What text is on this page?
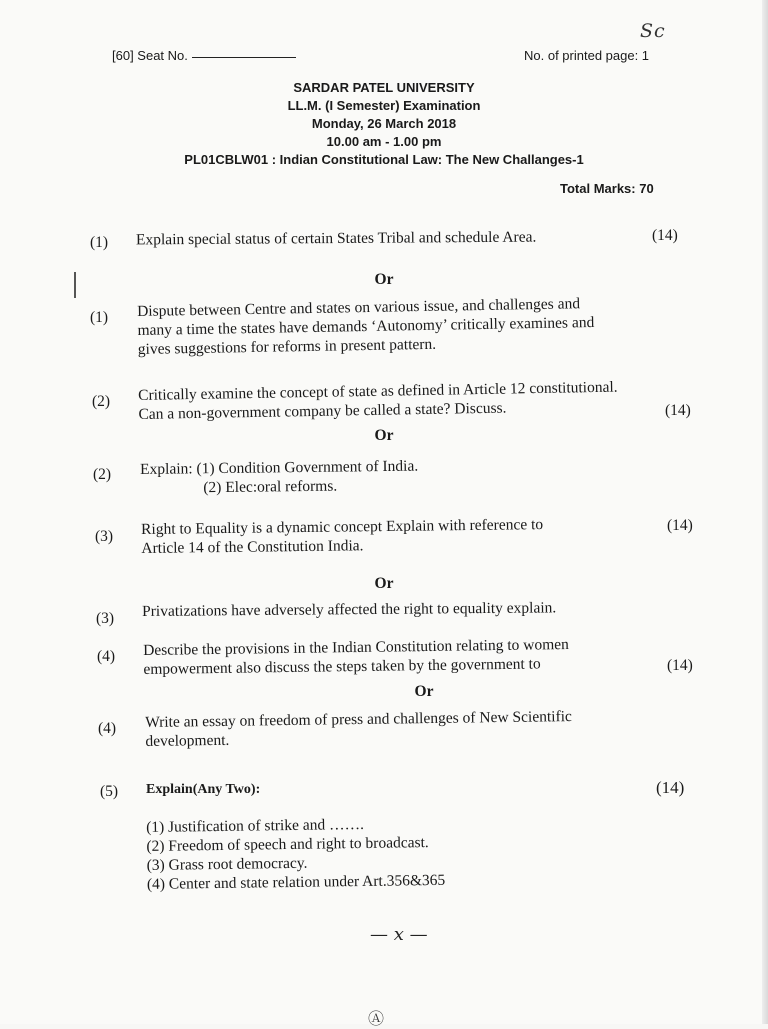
Sc
[60] Seat No.	No. of printed page: 1
SARDAR PATEL UNIVERSITY
LL.M. (I Semester) Examination
Monday, 26 March 2018
10.00 am - 1.00 pm
PL01CBLW01 : Indian Constitutional Law: The New Challanges-1
Total Marks: 70
(1) Explain special status of certain States Tribal and schedule Area.	(14)
Or
(1) Dispute between Centre and states on various issue, and challenges and
many a time the states have demands ‘Autonomy’ critically examines and
gives suggestions for reforms in present pattern.
(2) Critically examine the concept of state as defined in Article 12 constitutional.
Can a non-government company be called a state? Discuss.	(14)
Or
(2) Explain: (1) Condition Government of India.
(2) Elec:oral reforms.
(3) Right to Equality is a dynamic concept Explain with reference to
Article 14 of the Constitution India.
(14)
Or
(3) Privatizations have adversely affected the right to equality explain.
(4) Describe the provisions in the Indian Constitution relating to women
empowerment also discuss the steps taken by the government to	(14)
Or
(4) Write an essay on freedom of press and challenges of New Scientific
development.
(5) Explain(Any Two):	(14)
(1) Justification of strike and …….
(2) Freedom of speech and right to broadcast.
(3) Grass root democracy.
(4) Center and state relation under Art.356&365
— x —
Ⓐ
